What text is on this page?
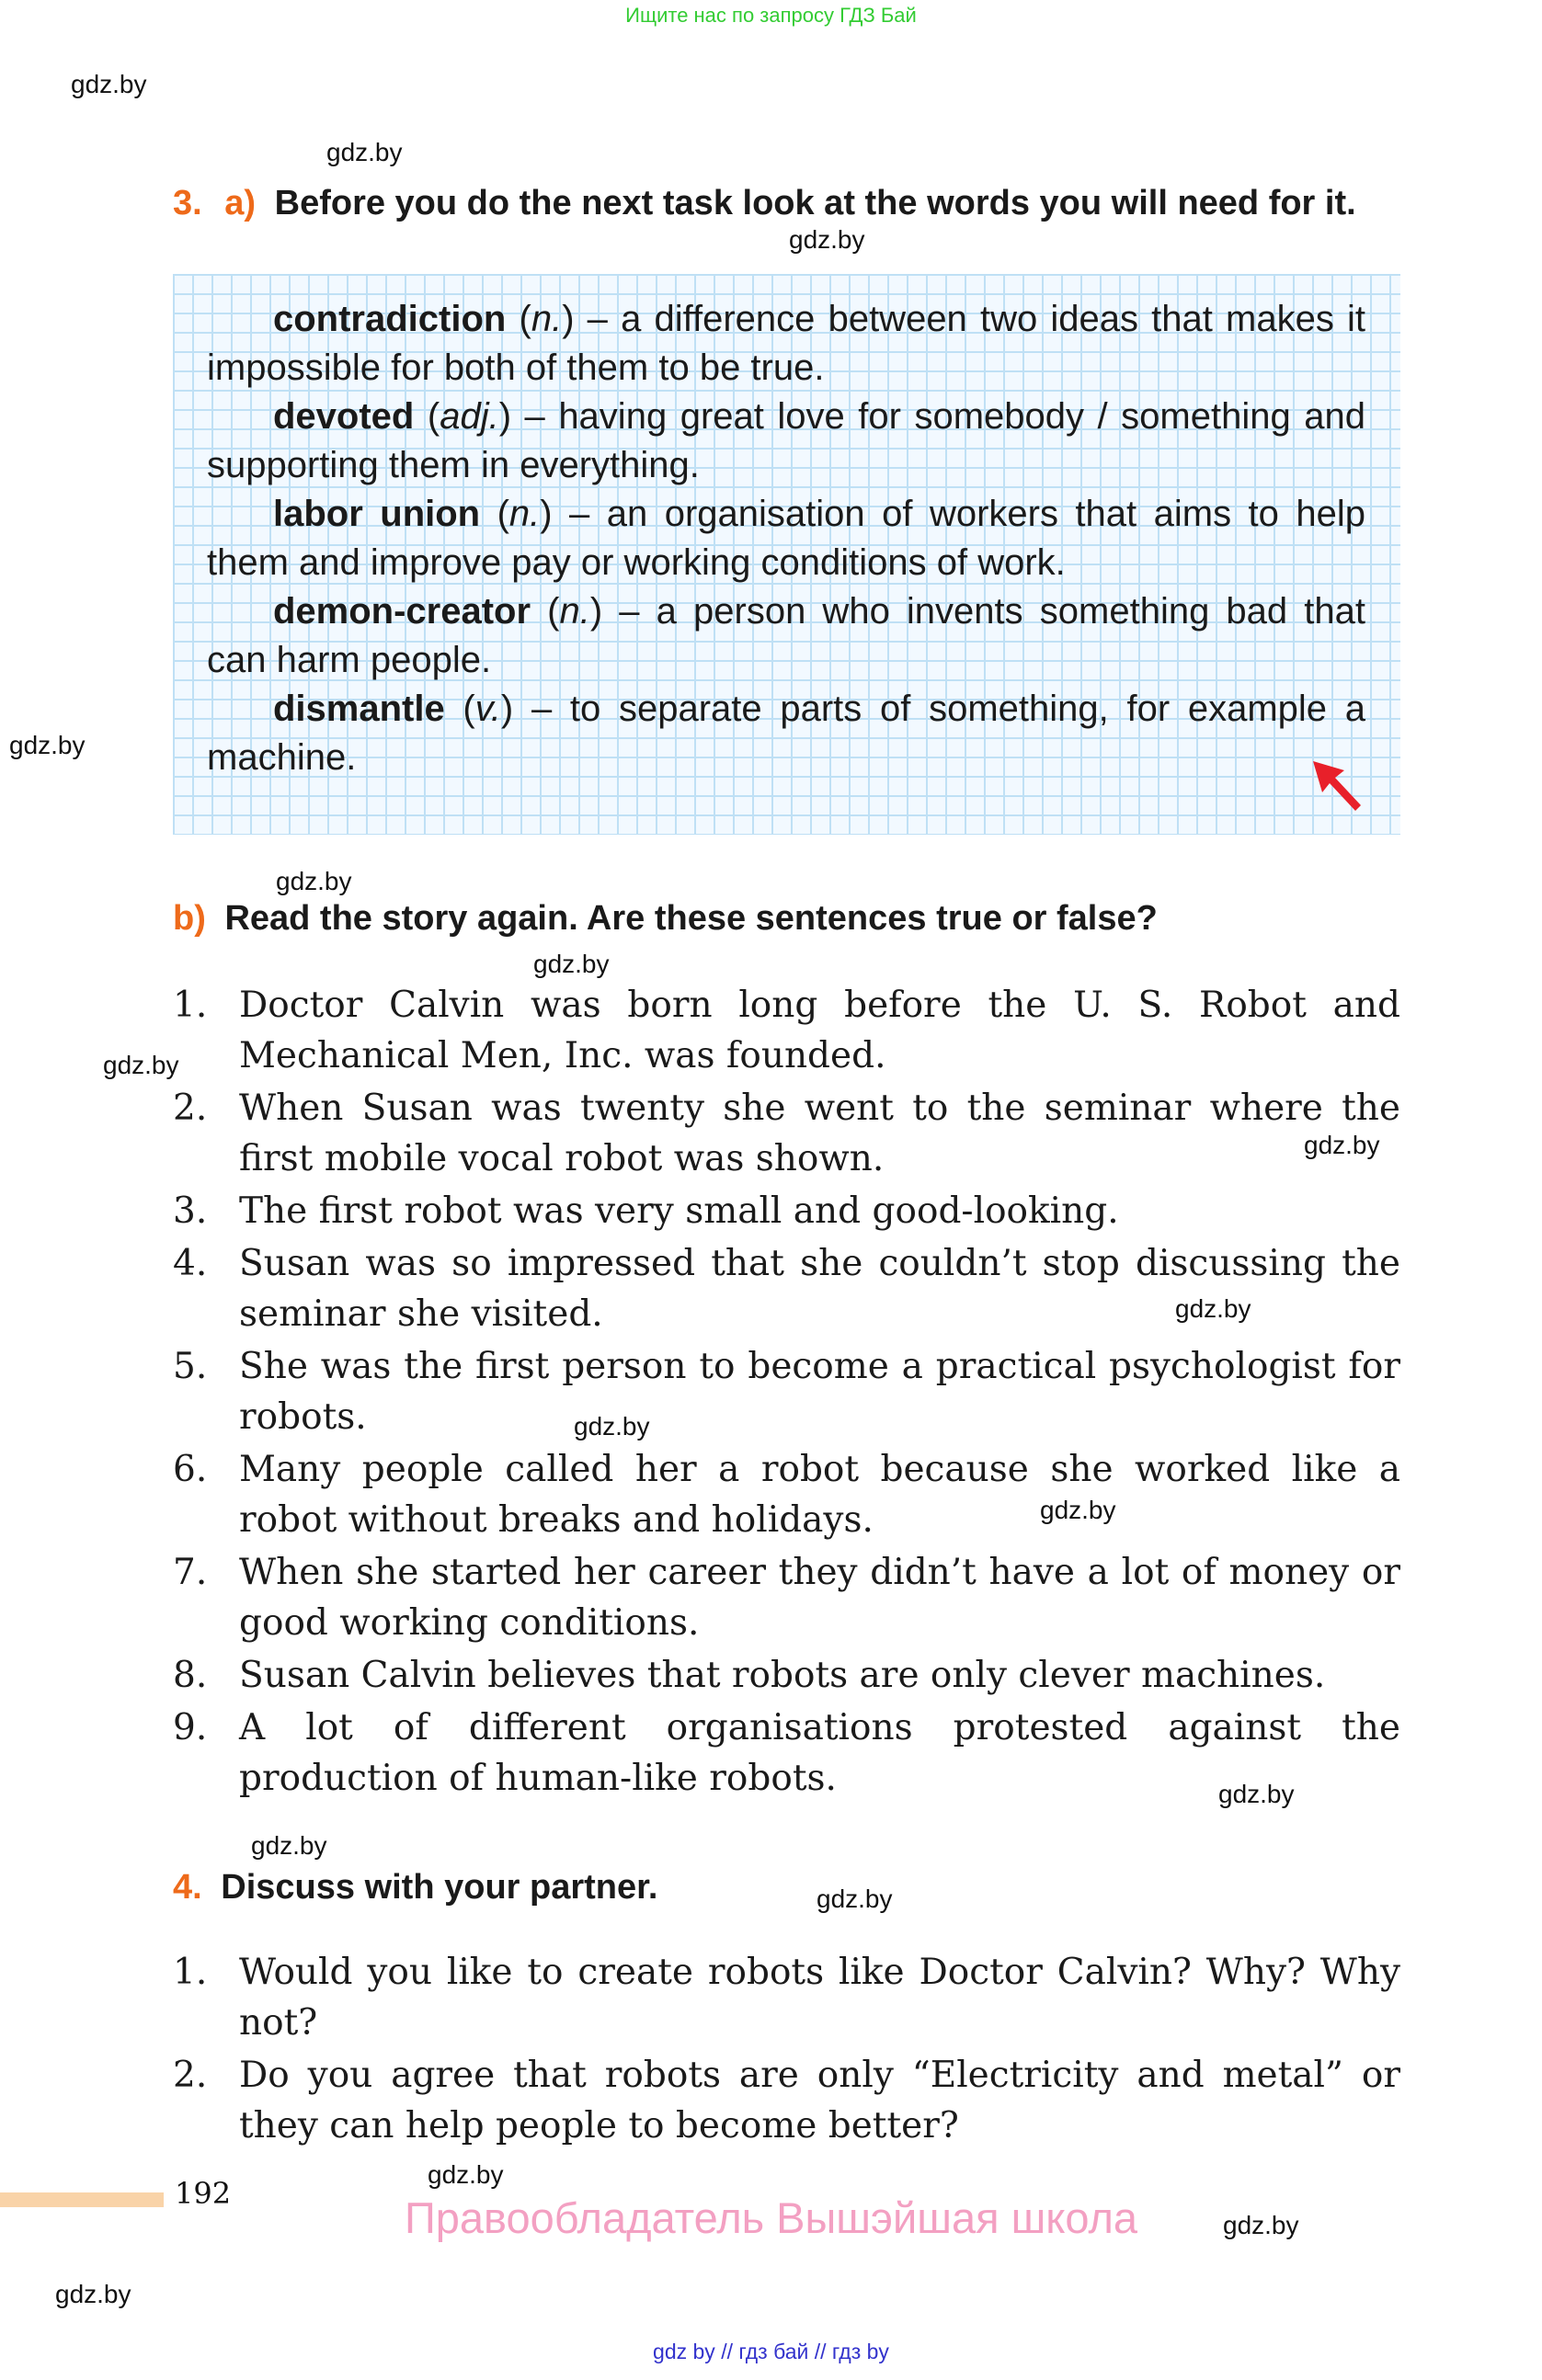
Ищите нас по запросу ГДЗ Бай
gdz.by
gdz.by
gdz.by
gdz.by
gdz.by
gdz.by
gdz.by
gdz.by
gdz.by
gdz.by
gdz.by
gdz.by
gdz.by
gdz.by
gdz.by
gdz.by
gdz.by
3. a) Before you do the next task look at the words you will need for it.

contradiction (n.) – a difference between two ideas that makes it impossible for both of them to be true.

devoted (adj.) – having great love for somebody / something and supporting them in everything.

labor union (n.) – an organisation of workers that aims to help them and improve pay or working conditions of work.

demon-creator (n.) – a person who invents something bad that can harm people.

dismantle (v.) – to separate parts of something, for example a machine.

b) Read the story again. Are these sentences true or false?
1. Doctor Calvin was born long before the U. S. Robot and Mechanical Men, Inc. was founded.
2. When Susan was twenty she went to the seminar where the first mobile vocal robot was shown.
3. The first robot was very small and good-looking.
4. Susan was so impressed that she couldn’t stop discussing the seminar she visited.
5. She was the first person to become a practical psychologist for robots.
6. Many people called her a robot because she worked like a robot without breaks and holidays.
7. When she started her career they didn’t have a lot of money or good working conditions.
8. Susan Calvin believes that robots are only clever machines.
9. A lot of different organisations protested against the production of human-like robots.
4. Discuss with your partner.
1. Would you like to create robots like Doctor Calvin? Why? Why not?
2. Do you agree that robots are only “Electricity and metal” or they can help people to become better?
192	Правообладатель Вышэйшая школа
gdz by // гдз бай // гдз by
